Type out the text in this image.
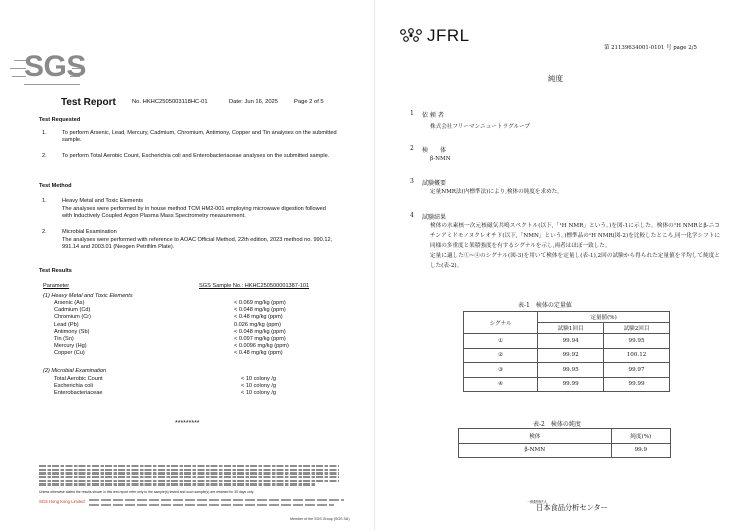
SGS
Test Report	No. HKHC2505003118HC-01	Date: Jun 16, 2025	Page 2 of 5
Test Requested
1.	To perform Arsenic, Lead, Mercury, Cadmium, Chromium, Antimony, Copper and Tin analyses on the submitted sample.
2.	To perform Total Aerobic Count, Escherichia coli and Enterobacteriaceae analyses on the submitted sample.
Test Method
1.	Heavy Metal and Toxic Elements
The analyses were performed by in house method TCM HM2-001 employing microwave digestion followed with Inductively Coupled Argon Plasma Mass Spectrometry measurement.
2.	Microbial Examination
The analyses were performed with reference to AOAC Official Method, 22th edition, 2023 method no. 990.12, 991.14 and 2003.01 (Neogen Petrifilm Plate).
Test Results
Parameter	SGS Sample No.: HKHC250500001387-101
(1) Heavy Metal and Toxic Elements
Arsenic (As)	< 0.069 mg/kg (ppm)
Cadmium (Cd)	< 0.048 mg/kg (ppm)
Chromium (Cr)	< 0.48 mg/kg (ppm)
Lead (Pb)	0.026 mg/kg (ppm)
Antimony (Sb)	< 0.048 mg/kg (ppm)
Tin (Sn)	< 0.097 mg/kg (ppm)
Mercury (Hg)	< 0.0096 mg/kg (ppm)
Copper (Cu)	< 0.48 mg/kg (ppm)
(2) Microbial Examination
Total Aerobic Count	< 10 colony /g
Escherichia coli	< 10 colony /g
Enterobacteriaceae	< 10 colony /g
*********
Unless otherwise stated the results shown in this test report refer only to the sample(s) tested and such sample(s) are retained for 30 days only.
SGS Hong Kong Limited
Member of the SGS Group (SGS SA)
JFRL
第 21139634001-0101 号 page 2/5
純度
1 依 頼 者
株式会社フリーマンニュートラグループ
2 検　　体
β-NMN
3 試験概要
定量NMR法(内標準法)により,検体の純度を求めた。
4 試験結果
検体の水素核一次元核磁気共鳴スペクトル(以下,「¹H NMR」という。)を図-1に示した。検体の¹H NMRとβ-ニコチンアミドモノヌクレオチド(以下,「NMN」という。)標準品の¹H NMR(図-2)を比較したところ,同一化学シフトに同様の多重度と架積強度を有するシグナルを示し,両者はほぼ一致した。
定量に適した①~④のシグナル(図-3)を用いて検体を定量し(表-1),2回の試験から得られた定量値を平均して純度とした(表-2)。
表-1　検体の定量値
シグナル	定量値(%)	
	試験1回目	試験2回目
①	99.94	99.95
②	99.92	100.12
③	99.95	99.97
④	99.99	99.99
表-2　検体の純度
検体	純度(%)
β-NMN	99.9
一般財団法人
日本食品分析センター
